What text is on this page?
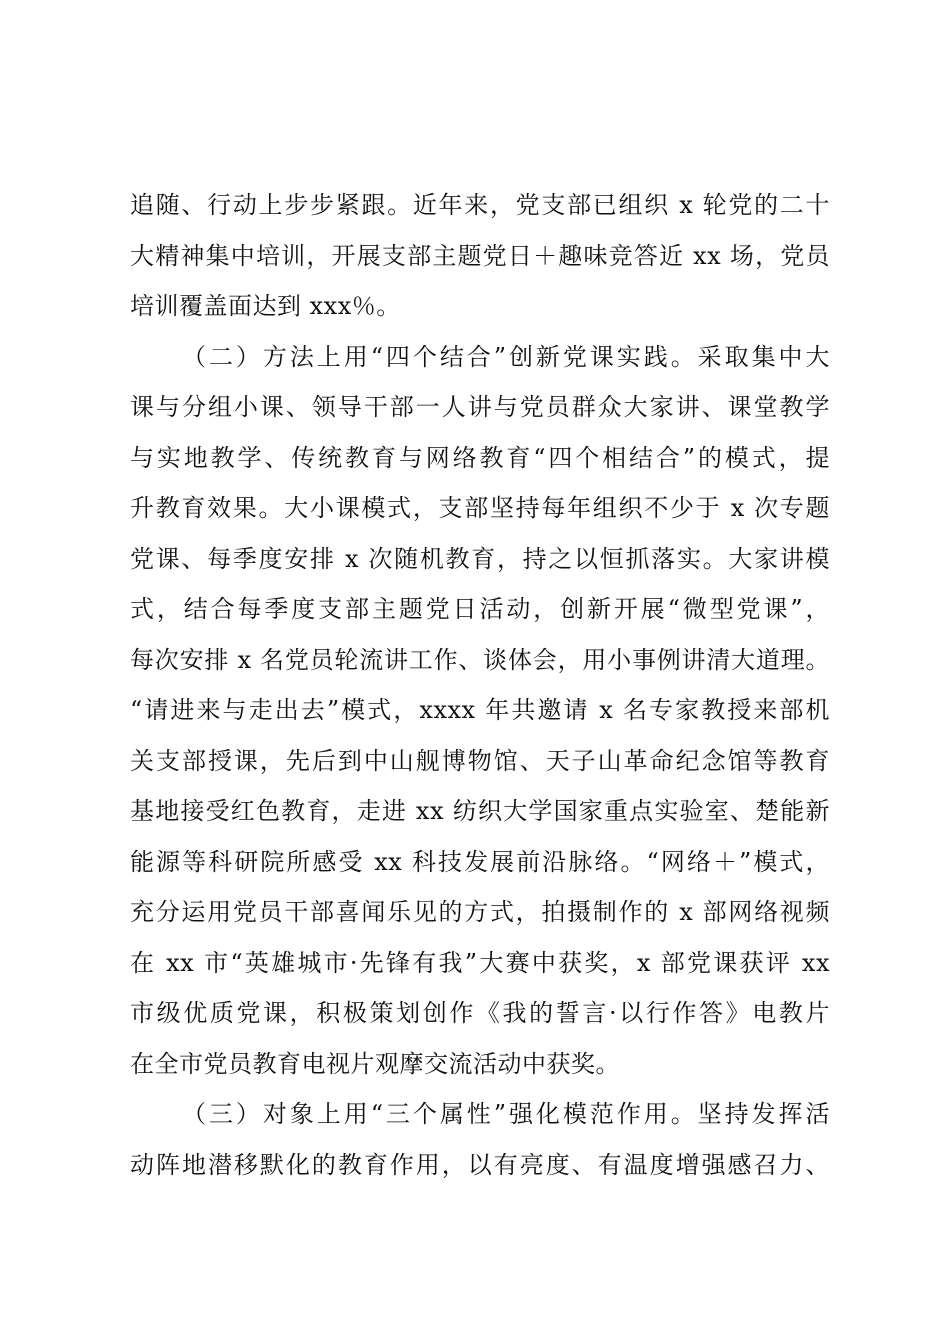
追随、行动上步步紧跟。近年来，党支部已组织 x 轮党的二十
大精神集中培训，开展支部主题党日＋趣味竞答近 xx 场，党员
培训覆盖面达到 xxx％。
（二）方法上用“四个结合”创新党课实践。采取集中大
课与分组小课、领导干部一人讲与党员群众大家讲、课堂教学
与实地教学、传统教育与网络教育“四个相结合”的模式，提
升教育效果。大小课模式，支部坚持每年组织不少于 x 次专题
党课、每季度安排 x 次随机教育，持之以恒抓落实。大家讲模
式，结合每季度支部主题党日活动，创新开展“微型党课”，
每次安排 x 名党员轮流讲工作、谈体会，用小事例讲清大道理。
“请进来与走出去”模式，xxxx 年共邀请 x 名专家教授来部机
关支部授课，先后到中山舰博物馆、天子山革命纪念馆等教育
基地接受红色教育，走进 xx 纺织大学国家重点实验室、楚能新
能源等科研院所感受 xx 科技发展前沿脉络。“网络＋”模式，
充分运用党员干部喜闻乐见的方式，拍摄制作的 x 部网络视频
在 xx 市“英雄城市·先锋有我”大赛中获奖，x 部党课获评 xx
市级优质党课，积极策划创作《我的誓言·以行作答》电教片
在全市党员教育电视片观摩交流活动中获奖。
（三）对象上用“三个属性”强化模范作用。坚持发挥活
动阵地潜移默化的教育作用，以有亮度、有温度增强感召力、
